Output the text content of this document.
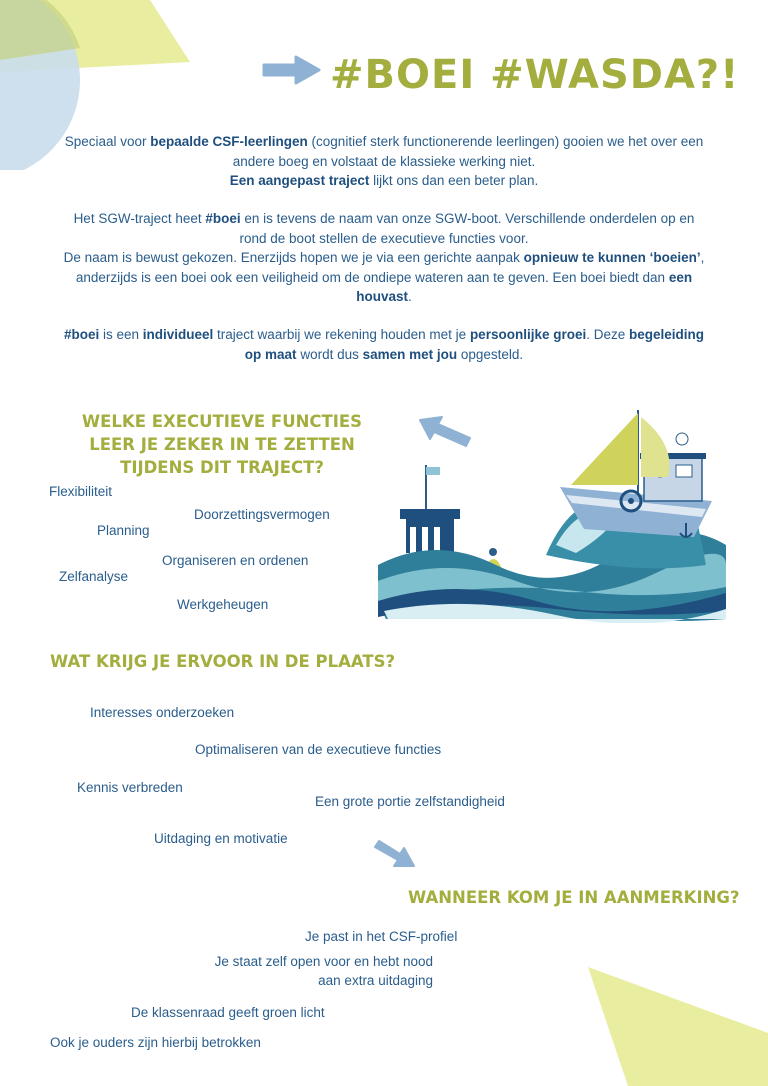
#BOEI #WASDA?!

Speciaal voor bepaalde CSF-leerlingen (cognitief sterk functionerende leerlingen) gooien we het over een andere boeg en volstaat de klassieke werking niet.
Een aangepast traject lijkt ons dan een beter plan.

Het SGW-traject heet #boei en is tevens de naam van onze SGW-boot. Verschillende onderdelen op en rond de boot stellen de executieve functies voor.
De naam is bewust gekozen. Enerzijds hopen we je via een gerichte aanpak opnieuw te kunnen ‘boeien’, anderzijds is een boei ook een veiligheid om de ondiepe wateren aan te geven. Een boei biedt dan een houvast.

#boei is een individueel traject waarbij we rekening houden met je persoonlijke groei. Deze begeleiding op maat wordt dus samen met jou opgesteld.

WELKE EXECUTIEVE FUNCTIES LEER JE ZEKER IN TE ZETTEN TIJDENS DIT TRAJECT?
Flexibiliteit
Doorzettingsvermogen
Planning
Organiseren en ordenen
Zelfanalyse
Werkgeheugen
WAT KRIJG JE ERVOOR IN DE PLAATS?
Interesses onderzoeken
Optimaliseren van de executieve functies
Kennis verbreden
Een grote portie zelfstandigheid
Uitdaging en motivatie
WANNEER KOM JE IN AANMERKING?
Je past in het CSF-profiel
Je staat zelf open voor en hebt nood aan extra uitdaging
De klassenraad geeft groen licht
Ook je ouders zijn hierbij betrokken
